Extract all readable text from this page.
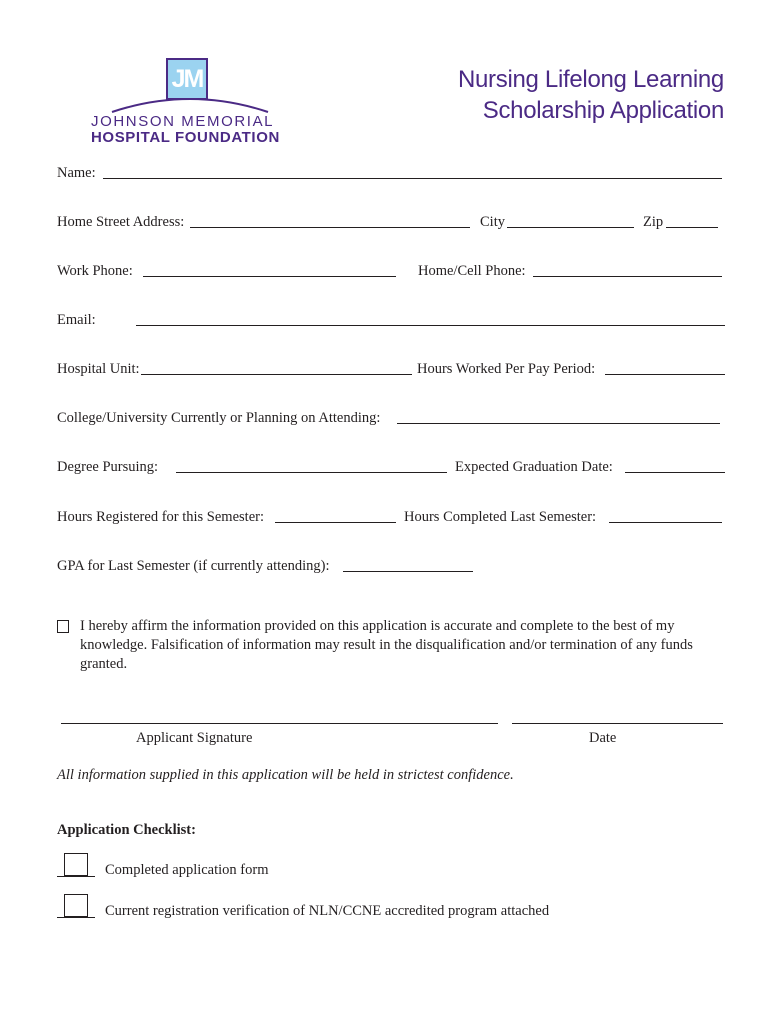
JM
JOHNSON MEMORIAL
HOSPITAL FOUNDATION
Nursing Lifelong Learning
Scholarship Application
Name:
Home Street Address:	City	Zip
Work Phone:	Home/Cell Phone:
Email:
Hospital Unit:	Hours Worked Per Pay Period:
College/University Currently or Planning on Attending:
Degree Pursuing:	Expected Graduation Date:
Hours Registered for this Semester:	Hours Completed Last Semester:
GPA for Last Semester (if currently attending):
I hereby affirm the information provided on this application is accurate and complete to the best of my knowledge. Falsification of information may result in the disqualification and/or termination of any funds granted.
Applicant Signature	Date
All information supplied in this application will be held in strictest confidence.
Application Checklist:
Completed application form
Current registration verification of NLN/CCNE accredited program attached
